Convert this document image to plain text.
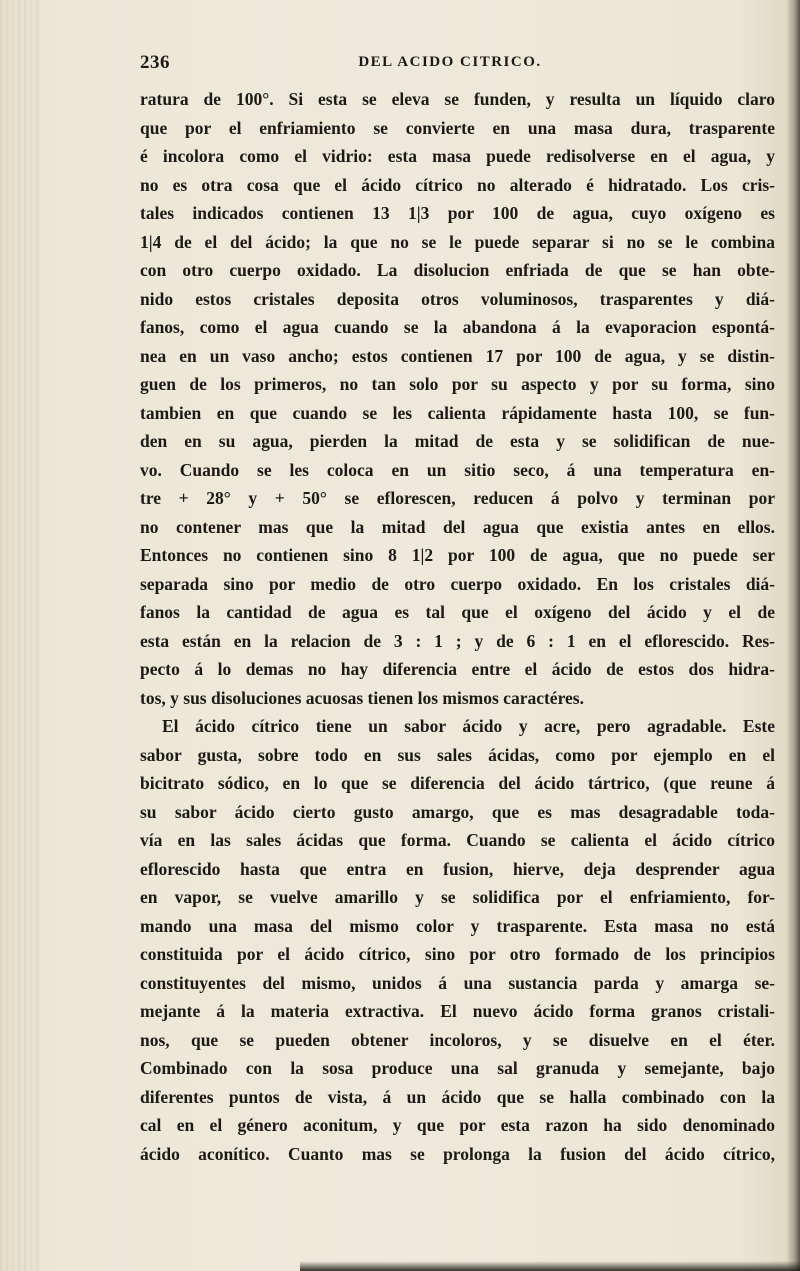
236	DEL ACIDO CITRICO.
ratura de 100°. Si esta se eleva se funden, y resulta un líquido claro
que por el enfriamiento se convierte en una masa dura, trasparente
é incolora como el vidrio: esta masa puede redisolverse en el agua, y
no es otra cosa que el ácido cítrico no alterado é hidratado. Los cris-
tales indicados contienen 13 1|3 por 100 de agua, cuyo oxígeno es
1|4 de el del ácido; la que no se le puede separar si no se le combina
con otro cuerpo oxidado. La disolucion enfriada de que se han obte-
nido estos cristales deposita otros voluminosos, trasparentes y diá-
fanos, como el agua cuando se la abandona á la evaporacion espontá-
nea en un vaso ancho; estos contienen 17 por 100 de agua, y se distin-
guen de los primeros, no tan solo por su aspecto y por su forma, sino
tambien en que cuando se les calienta rápidamente hasta 100, se fun-
den en su agua, pierden la mitad de esta y se solidifican de nue-
vo. Cuando se les coloca en un sitio seco, á una temperatura en-
tre + 28° y + 50° se eflorescen, reducen á polvo y terminan por
no contener mas que la mitad del agua que existia antes en ellos.
Entonces no contienen sino 8 1|2 por 100 de agua, que no puede ser
separada sino por medio de otro cuerpo oxidado. En los cristales diá-
fanos la cantidad de agua es tal que el oxígeno del ácido y el de
esta están en la relacion de 3 : 1 ; y de 6 : 1 en el eflorescido. Res-
pecto á lo demas no hay diferencia entre el ácido de estos dos hidra-
tos, y sus disoluciones acuosas tienen los mismos caractéres.
El ácido cítrico tiene un sabor ácido y acre, pero agradable. Este
sabor gusta, sobre todo en sus sales ácidas, como por ejemplo en el
bicitrato sódico, en lo que se diferencia del ácido tártrico, (que reune á
su sabor ácido cierto gusto amargo, que es mas desagradable toda-
vía en las sales ácidas que forma. Cuando se calienta el ácido cítrico
eflorescido hasta que entra en fusion, hierve, deja desprender agua
en vapor, se vuelve amarillo y se solidifica por el enfriamiento, for-
mando una masa del mismo color y trasparente. Esta masa no está
constituida por el ácido cítrico, sino por otro formado de los principios
constituyentes del mismo, unidos á una sustancia parda y amarga se-
mejante á la materia extractiva. El nuevo ácido forma granos cristali-
nos, que se pueden obtener incoloros, y se disuelve en el éter.
Combinado con la sosa produce una sal granuda y semejante, bajo
diferentes puntos de vista, á un ácido que se halla combinado con la
cal en el género aconitum, y que por esta razon ha sido denominado
ácido aconítico. Cuanto mas se prolonga la fusion del ácido cítrico,
